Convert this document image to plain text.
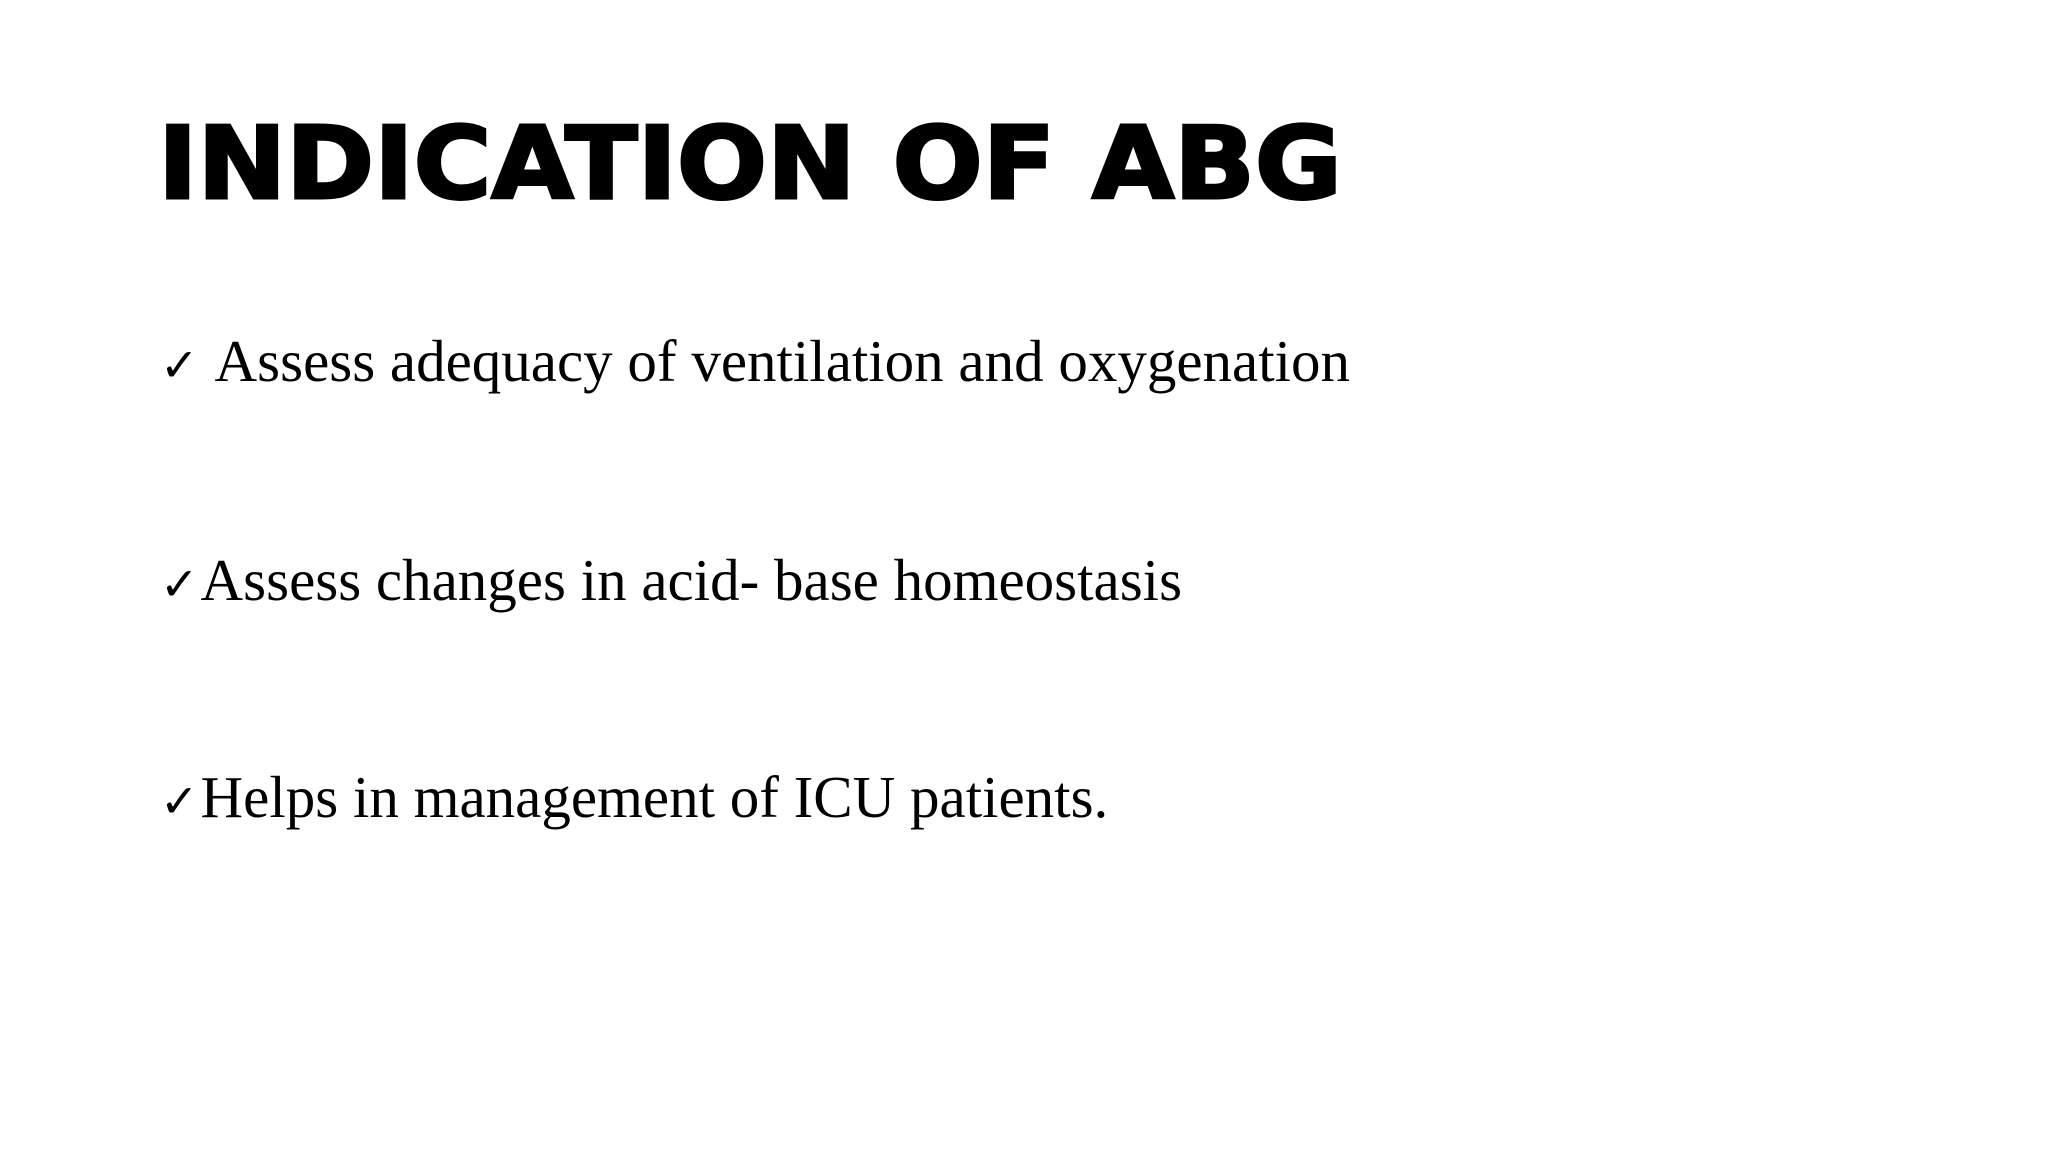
INDICATION OF ABG

✓ Assess adequacy of ventilation and oxygenation

✓ Assess changes in acid- base homeostasis

✓ Helps in management of ICU patients.
